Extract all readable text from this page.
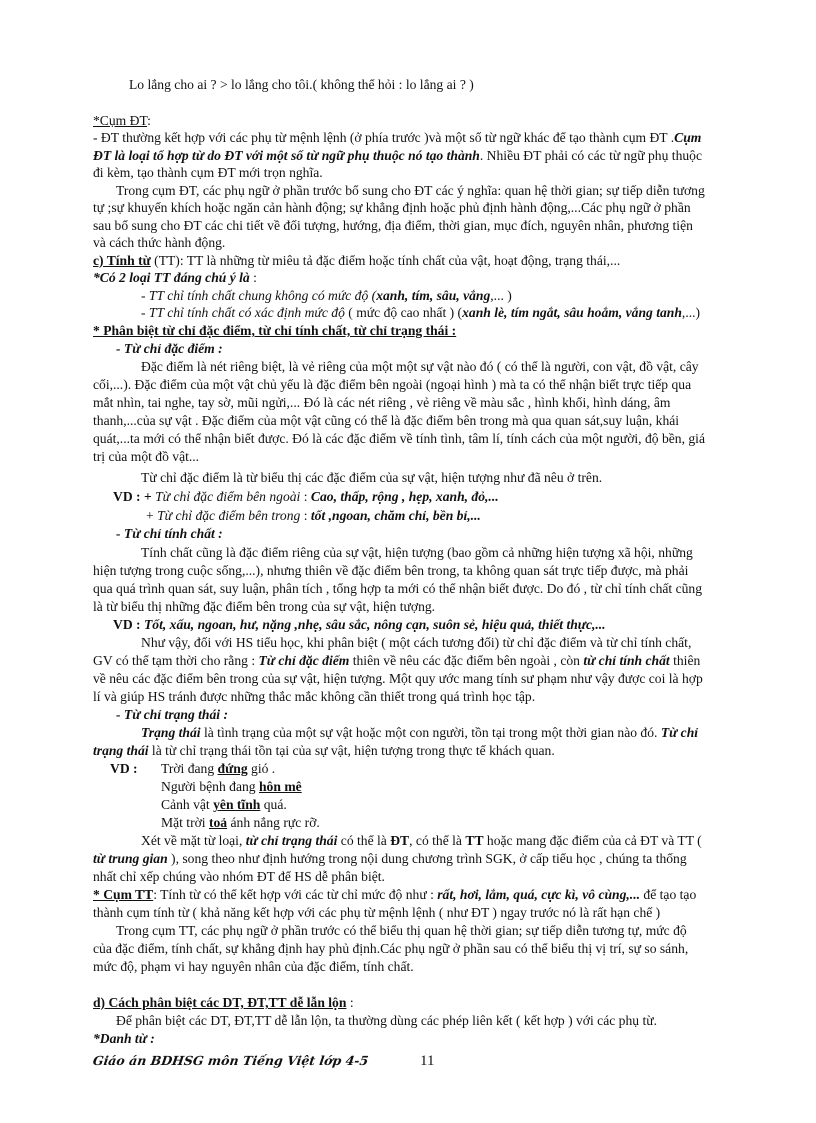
Lo lắng cho ai ? > lo lắng cho tôi.( không thể hỏi : lo lắng ai ? )
*Cụm ĐT:
- ĐT thường kết hợp với các phụ từ mệnh lệnh (ở phía trước )và một số từ ngữ khác để tạo thành cụm ĐT .Cụm
ĐT là loại tổ hợp từ do ĐT với một số từ ngữ phụ thuộc nó tạo thành. Nhiều ĐT phải có các từ ngữ phụ thuộc
đi kèm, tạo thành cụm ĐT mới trọn nghĩa.
Trong cụm ĐT, các phụ ngữ ở phần trước bổ sung cho ĐT các ý nghĩa: quan hệ thời gian; sự tiếp diễn tương
tự ;sự khuyến khích hoặc ngăn cản hành động; sự khẳng định hoặc phủ định hành động,...Các phụ ngữ ở phần
sau bổ sung cho ĐT các chi tiết về đối tượng, hướng, địa điểm, thời gian, mục đích, nguyên nhân, phương tiện
và cách thức hành động.
c) Tính từ (TT): TT là những từ miêu tả đặc điểm hoặc tính chất của vật, hoạt động, trạng thái,...
*Có 2 loại TT đáng chú ý là :
- TT chỉ tính chất chung không có mức độ (xanh, tím, sâu, vắng,... )
- TT chỉ tính chất có xác định mức độ ( mức độ cao nhất ) (xanh lè, tím ngắt, sâu hoắm, vắng tanh,...)
* Phân biệt từ chỉ đặc điểm, từ chỉ tính chất, từ chỉ trạng thái :
- Từ chỉ đặc điểm :
Đặc điểm là nét riêng biệt, là vẻ riêng của một một sự vật nào đó ( có thể là người, con vật, đồ vật, cây
cối,...). Đặc điểm của một vật chủ yếu là đặc điểm bên ngoài (ngoại hình ) mà ta có thể nhận biết trực tiếp qua
mắt nhìn, tai nghe, tay sờ, mũi ngửi,... Đó là các nét riêng , vẻ riêng về màu sắc , hình khối, hình dáng, âm
thanh,...của sự vật . Đặc điểm của một vật cũng có thể là đặc điểm bên trong mà qua quan sát,suy luận, khái
quát,...ta mới có thể nhận biết được. Đó là các đặc điểm về tính tình, tâm lí, tính cách của một người, độ bền, giá
trị của một đồ vật...
Từ chỉ đặc điểm là từ biểu thị các đặc điểm của sự vật, hiện tượng như đã nêu ở trên.
VD : + Từ chỉ đặc điểm bên ngoài : Cao, thấp, rộng , hẹp, xanh, đỏ,...
+ Từ chỉ đặc điểm bên trong : tốt ,ngoan, chăm chỉ, bền bỉ,...
- Từ chỉ tính chất :
Tính chất cũng là đặc điểm riêng của sự vật, hiện tượng (bao gồm cả những hiện tượng xã hội, những
hiện tượng trong cuộc sống,...), nhưng thiên về đặc điểm bên trong, ta không quan sát trực tiếp được, mà phải
qua quá trình quan sát, suy luận, phân tích , tổng hợp ta mới có thể nhận biết được. Do đó , từ chỉ tính chất cũng
là từ biểu thị những đặc điểm bên trong của sự vật, hiện tượng.
VD : Tốt, xấu, ngoan, hư, nặng ,nhẹ, sâu sắc, nông cạn, suôn sẻ, hiệu quả, thiết thực,...
Như vậy, đối với HS tiểu học, khi phân biệt ( một cách tương đối) từ chỉ đặc điểm và từ chỉ tính chất,
GV có thể tạm thời cho rằng : Từ chỉ đặc điểm thiên về nêu các đặc điểm bên ngoài , còn từ chỉ tính chất thiên
về nêu các đặc điểm bên trong của sự vật, hiện tượng. Một quy ước mang tính sư phạm như vậy được coi là hợp
lí và giúp HS tránh được những thắc mắc không cần thiết trong quá trình học tập.
- Từ chỉ trạng thái :
Trạng thái là tình trạng của một sự vật hoặc một con người, tồn tại trong một thời gian nào đó. Từ chỉ
trạng thái là từ chỉ trạng thái tồn tại của sự vật, hiện tượng trong thực tế khách quan.
VD : Trời đang đứng gió .
Người bệnh đang hôn mê
Cảnh vật yên tĩnh quá.
Mặt trời toả ánh nắng rực rỡ.
Xét về mặt từ loại, từ chỉ trạng thái có thể là ĐT, có thể là TT hoặc mang đặc điểm của cả ĐT và TT (
từ trung gian ), song theo như định hướng trong nội dung chương trình SGK, ở cấp tiểu học , chúng ta thống
nhất chỉ xếp chúng vào nhóm ĐT để HS dễ phân biệt.
* Cụm TT: Tính từ có thể kết hợp với các từ chỉ mức độ như : rất, hơi, lắm, quá, cực kì, vô cùng,... để tạo tạo
thành cụm tính từ ( khả năng kết hợp với các phụ từ mệnh lệnh ( như ĐT ) ngay trước nó là rất hạn chế )
Trong cụm TT, các phụ ngữ ở phần trước có thể biểu thị quan hệ thời gian; sự tiếp diễn tương tự, mức độ
của đặc điểm, tính chất, sự khẳng định hay phủ định.Các phụ ngữ ở phần sau có thể biểu thị vị trí, sự so sánh,
mức độ, phạm vi hay nguyên nhân của đặc điểm, tính chất.
d) Cách phân biệt các DT, ĐT,TT dễ lẫn lộn :
Để phân biệt các DT, ĐT,TT dễ lẫn lộn, ta thường dùng các phép liên kết ( kết hợp ) với các phụ từ.
*Danh từ :
Giáo án BDHSG môn Tiếng Việt lớp 4-5	11
